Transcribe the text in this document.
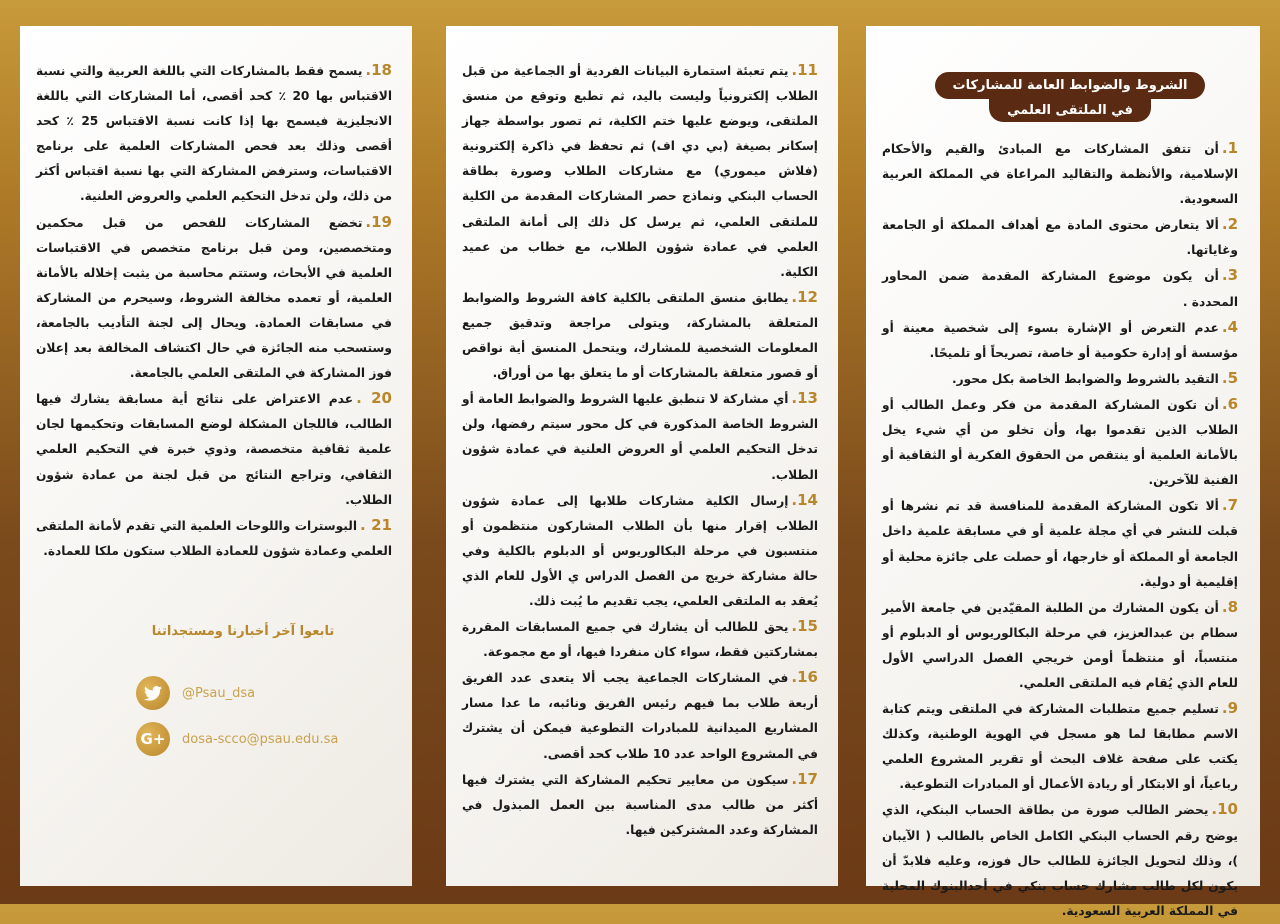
الشروط والضوابط العامة للمشاركات
في الملتقى العلمي

1.أن تتفق المشاركات مع المبادئ والقيم والأحكام الإسلامية، والأنظمة والتقاليد المراعاة في المملكة العربية السعودية.

2.ألا يتعارض محتوى المادة مع أهداف المملكة أو الجامعة وغاياتها.

3.أن يكون موضوع المشاركة المقدمة ضمن المحاور المحددة .

4.عدم التعرض أو الإشارة بسوء إلى شخصية معينة أو مؤسسة أو إدارة حكومية أو خاصة، تصريحاً أو تلميحًا.

5.التقيد بالشروط والضوابط الخاصة بكل محور.

6.أن تكون المشاركة المقدمة من فكر وعمل الطالب أو الطلاب الذين تقدموا بها، وأن تخلو من أي شيء يخل بالأمانة العلمية أو ينتقص من الحقوق الفكرية أو الثقافية أو الفنية للآخرين.

7.ألا تكون المشاركة المقدمة للمنافسة قد تم نشرها أو قبلت للنشر في أي مجلة علمية أو في مسابقة علمية داخل الجامعة أو المملكة أو خارجها، أو حصلت على جائزة محلية أو إقليمية أو دولية.

8.أن يكون المشارك من الطلبة المقيّدين في جامعة الأمير سطام بن عبدالعزيز، في مرحلة البكالوريوس أو الدبلوم أو منتسباً، أو منتظماً أومن خريجي الفصل الدراسي الأول للعام الذي يُقام فيه الملتقى العلمي.

9.تسليم جميع متطلبات المشاركة في الملتقى ويتم كتابة الاسم مطابقا لما هو مسجل في الهوية الوطنية، وكذلك يكتب على صفحة غلاف البحث أو تقرير المشروع العلمي رباعياً، أو الابتكار أو ريادة الأعمال أو المبادرات التطوعية.

10.يحضر الطالب صورة من بطاقة الحساب البنكي، الذي يوضح رقم الحساب البنكي الكامل الخاص بالطالب ( الآيبان )، وذلك لتحويل الجائزة للطالب حال فوزه، وعليه فلابدّ أن يكون لكل طالب مشارك حساب بنكي في أحدالبنوك المحلية في المملكة العربية السعودية.

11.يتم تعبئة استمارة البيانات الفردية أو الجماعية من قبل الطلاب إلكترونياً وليست باليد، ثم تطبع وتوقع من منسق الملتقى، ويوضع عليها ختم الكلية، ثم تصور بواسطة جهاز إسكانر بصيغة (بي دي اف) ثم تحفظ في ذاكرة إلكترونية (فلاش ميموري) مع مشاركات الطلاب وصورة بطاقة الحساب البنكي ونماذج حصر المشاركات المقدمة من الكلية للملتقى العلمي، ثم يرسل كل ذلك إلى أمانة الملتقى العلمي في عمادة شؤون الطلاب، مع خطاب من عميد الكلية.

12.يطابق منسق الملتقى بالكلية كافة الشروط والضوابط المتعلقة بالمشاركة، ويتولى مراجعة وتدقيق جميع المعلومات الشخصية للمشارك، ويتحمل المنسق أية نواقص أو قصور متعلقة بالمشاركات أو ما يتعلق بها من أوراق.

13.أي مشاركة لا تنطبق عليها الشروط والضوابط العامة أو الشروط الخاصة المذكورة في كل محور سيتم رفضها، ولن تدخل التحكيم العلمي أو العروض العلنية في عمادة شؤون الطلاب.

14.إرسال الكلية مشاركات طلابها إلى عمادة شؤون الطلاب إقرار منها بأن الطلاب المشاركون منتظمون أو منتسبون في مرحلة البكالوريوس أو الدبلوم بالكلية وفي حالة مشاركة خريج من الفصل الدراس ي الأول للعام الذي يُعقد به الملتقى العلمي، يجب تقديم ما يُبت ذلك.

15.يحق للطالب أن يشارك في جميع المسابقات المقررة بمشاركتين فقط، سواء كان منفردا فيها، أو مع مجموعة.

16.في المشاركات الجماعية يجب ألا يتعدى عدد الفريق أربعة طلاب بما فيهم رئيس الفريق ونائبه، ما عدا مسار المشاريع الميدانية للمبادرات التطوعية فيمكن أن يشترك في المشروع الواحد عدد 10 طلاب كحد أقصى.

17.سيكون من معايير تحكيم المشاركة التي يشترك فيها أكثر من طالب مدى المناسبة بين العمل المبذول في المشاركة وعدد المشتركين فيها.

18.يسمح فقط بالمشاركات التي باللغة العربية والتي نسبة الاقتباس بها 20 ٪ كحد أقصى، أما المشاركات التي باللغة الانجليزية فيسمح بها إذا كانت نسبة الاقتباس 25 ٪ كحد أقصى وذلك بعد فحص المشاركات العلمية على برنامج الاقتباسات، وسترفض المشاركة التي بها نسبة اقتباس أكثر من ذلك، ولن تدخل التحكيم العلمي والعروض العلنية.

19.تخضع المشاركات للفحص من قبل محكمين ومتخصصين، ومن قبل برنامج متخصص في الاقتباسات العلمية في الأبحاث، وستتم محاسبة من يثبت إخلاله بالأمانة العلمية، أو تعمده مخالفة الشروط، وسيحرم من المشاركة في مسابقات العمادة. ويحال إلى لجنة التأديب بالجامعة، وستسحب منه الجائزة في حال اكتشاف المخالفة بعد إعلان فوز المشاركة في الملتقى العلمي بالجامعة.

20 .عدم الاعتراض على نتائج أية مسابقة يشارك فيها الطالب، فاللجان المشكلة لوضع المسابقات وتحكيمها لجان علمية ثقافية متخصصة، وذوي خبرة في التحكيم العلمي الثقافي، وتراجع النتائج من قبل لجنة من عمادة شؤون الطلاب.

21 .البوسترات واللوحات العلمية التي تقدم لأمانة الملتقى العلمي وعمادة شؤون للعمادة الطلاب ستكون ملكا للعمادة.

تابعوا آخر أخبارنا ومستجداتنا
@Psau_dsa
G+	dosa-scco@psau.edu.sa
